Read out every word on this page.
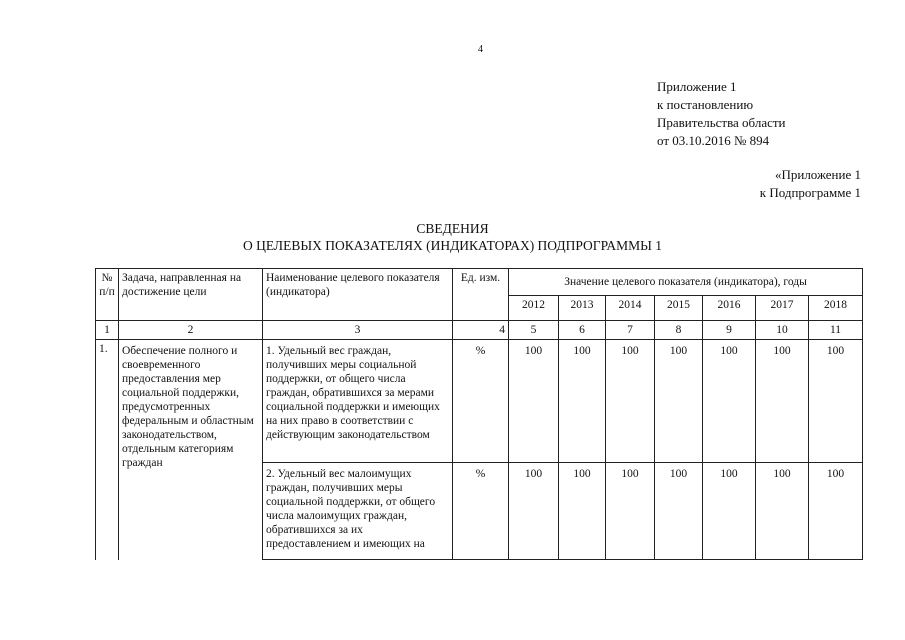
4
Приложение 1
к постановлению
Правительства области
от 03.10.2016 № 894
«Приложение 1
к Подпрограмме 1
СВЕДЕНИЯ
О ЦЕЛЕВЫХ ПОКАЗАТЕЛЯХ (ИНДИКАТОРАХ) ПОДПРОГРАММЫ 1
№ п/п	Задача, направленная на достижение цели	Наименование целевого показателя (индикатора)	Ед. изм.	Значение целевого показателя (индикатора), годы						
				2012	2013	2014	2015	2016	2017	2018
1	2	3	4	5	6	7	8	9	10	11
1.	Обеспечение полного и своевременного предоставления мер социальной поддержки, предусмотренных федеральным и областным законодательством, отдельным категориям граждан	1. Удельный вес граждан, получивших меры социальной поддержки, от общего числа граждан, обратившихся за мерами социальной поддержки и имеющих на них право в соответствии с действующим законодательством	%	100	100	100	100	100	100	100
		2. Удельный вес малоимущих граждан, получивших меры социальной поддержки, от общего числа малоимущих граждан, обратившихся за их предоставлением и имеющих на	%	100	100	100	100	100	100	100
